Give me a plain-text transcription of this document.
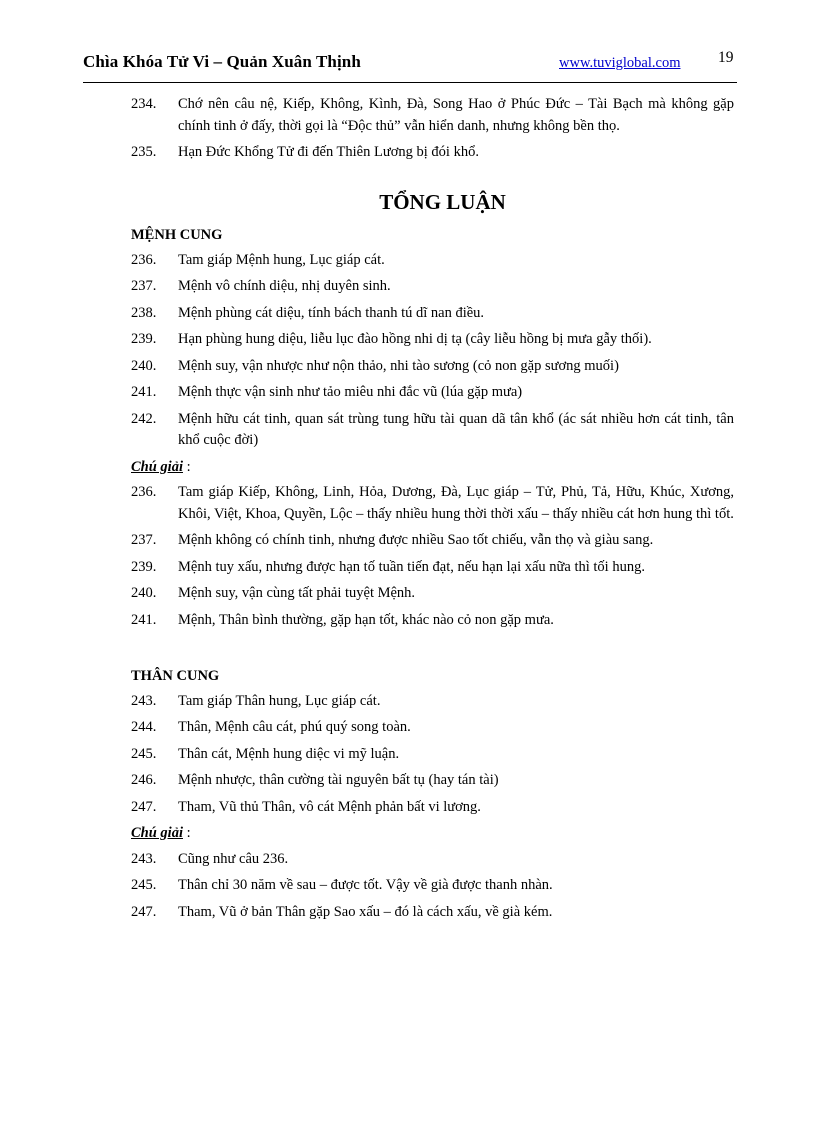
Chìa Khóa Tử Vi – Quản Xuân Thịnh	www.tuviglobal.com 19
234.	Chớ nên câu nệ, Kiếp, Không, Kình, Đà, Song Hao ở Phúc Đức – Tài Bạch mà không gặp chính tinh ở đấy, thời gọi là “Độc thủ” vẫn hiển danh, nhưng không bền thọ.
235.	Hạn Đức Khổng Tử đi đến Thiên Lương bị đói khổ.
TỔNG LUẬN
MỆNH CUNG
236.	Tam giáp Mệnh hung, Lục giáp cát.
237.	Mệnh vô chính diệu, nhị duyên sinh.
238.	Mệnh phùng cát diệu, tính bách thanh tú dĩ nan điều.
239.	Hạn phùng hung diệu, liễu lục đào hồng nhi dị tạ (cây liễu hồng bị mưa gẫy thối).
240.	Mệnh suy, vận nhược như nộn thảo, nhi tào sương (cỏ non gặp sương muối)
241.	Mệnh thực vận sinh như tảo miêu nhi đắc vũ (lúa gặp mưa)
242.	Mệnh hữu cát tinh, quan sát trùng tung hữu tài quan dã tân khổ (ác sát nhiều hơn cát tinh, tân khổ cuộc đời)
Chú giải :
236.	Tam giáp Kiếp, Không, Linh, Hỏa, Dương, Đà, Lục giáp – Tử, Phủ, Tả, Hữu, Khúc, Xương, Khôi, Việt, Khoa, Quyền, Lộc – thấy nhiều hung thời thời xấu – thấy nhiều cát hơn hung thì tốt.
237.	Mệnh không có chính tinh, nhưng được nhiều Sao tốt chiếu, vẫn thọ và giàu sang.
239.	Mệnh tuy xấu, nhưng được hạn tố tuần tiến đạt, nếu hạn lại xấu nữa thì tối hung.
240.	Mệnh suy, vận cùng tất phải tuyệt Mệnh.
241.	Mệnh, Thân bình thường, gặp hạn tốt, khác nào cỏ non gặp mưa.
THÂN CUNG
243.	Tam giáp Thân hung, Lục giáp cát.
244.	Thân, Mệnh câu cát, phú quý song toàn.
245.	Thân cát, Mệnh hung diệc vi mỹ luận.
246.	Mệnh nhược, thân cường tài nguyên bất tụ (hay tán tài)
247.	Tham, Vũ thủ Thân, vô cát Mệnh phản bất vi lương.
Chú giải :
243.	Cũng như câu 236.
245.	Thân chỉ 30 năm về sau – được tốt. Vậy về già được thanh nhàn.
247.	Tham, Vũ ở bản Thân gặp Sao xấu – đó là cách xấu, về già kém.
